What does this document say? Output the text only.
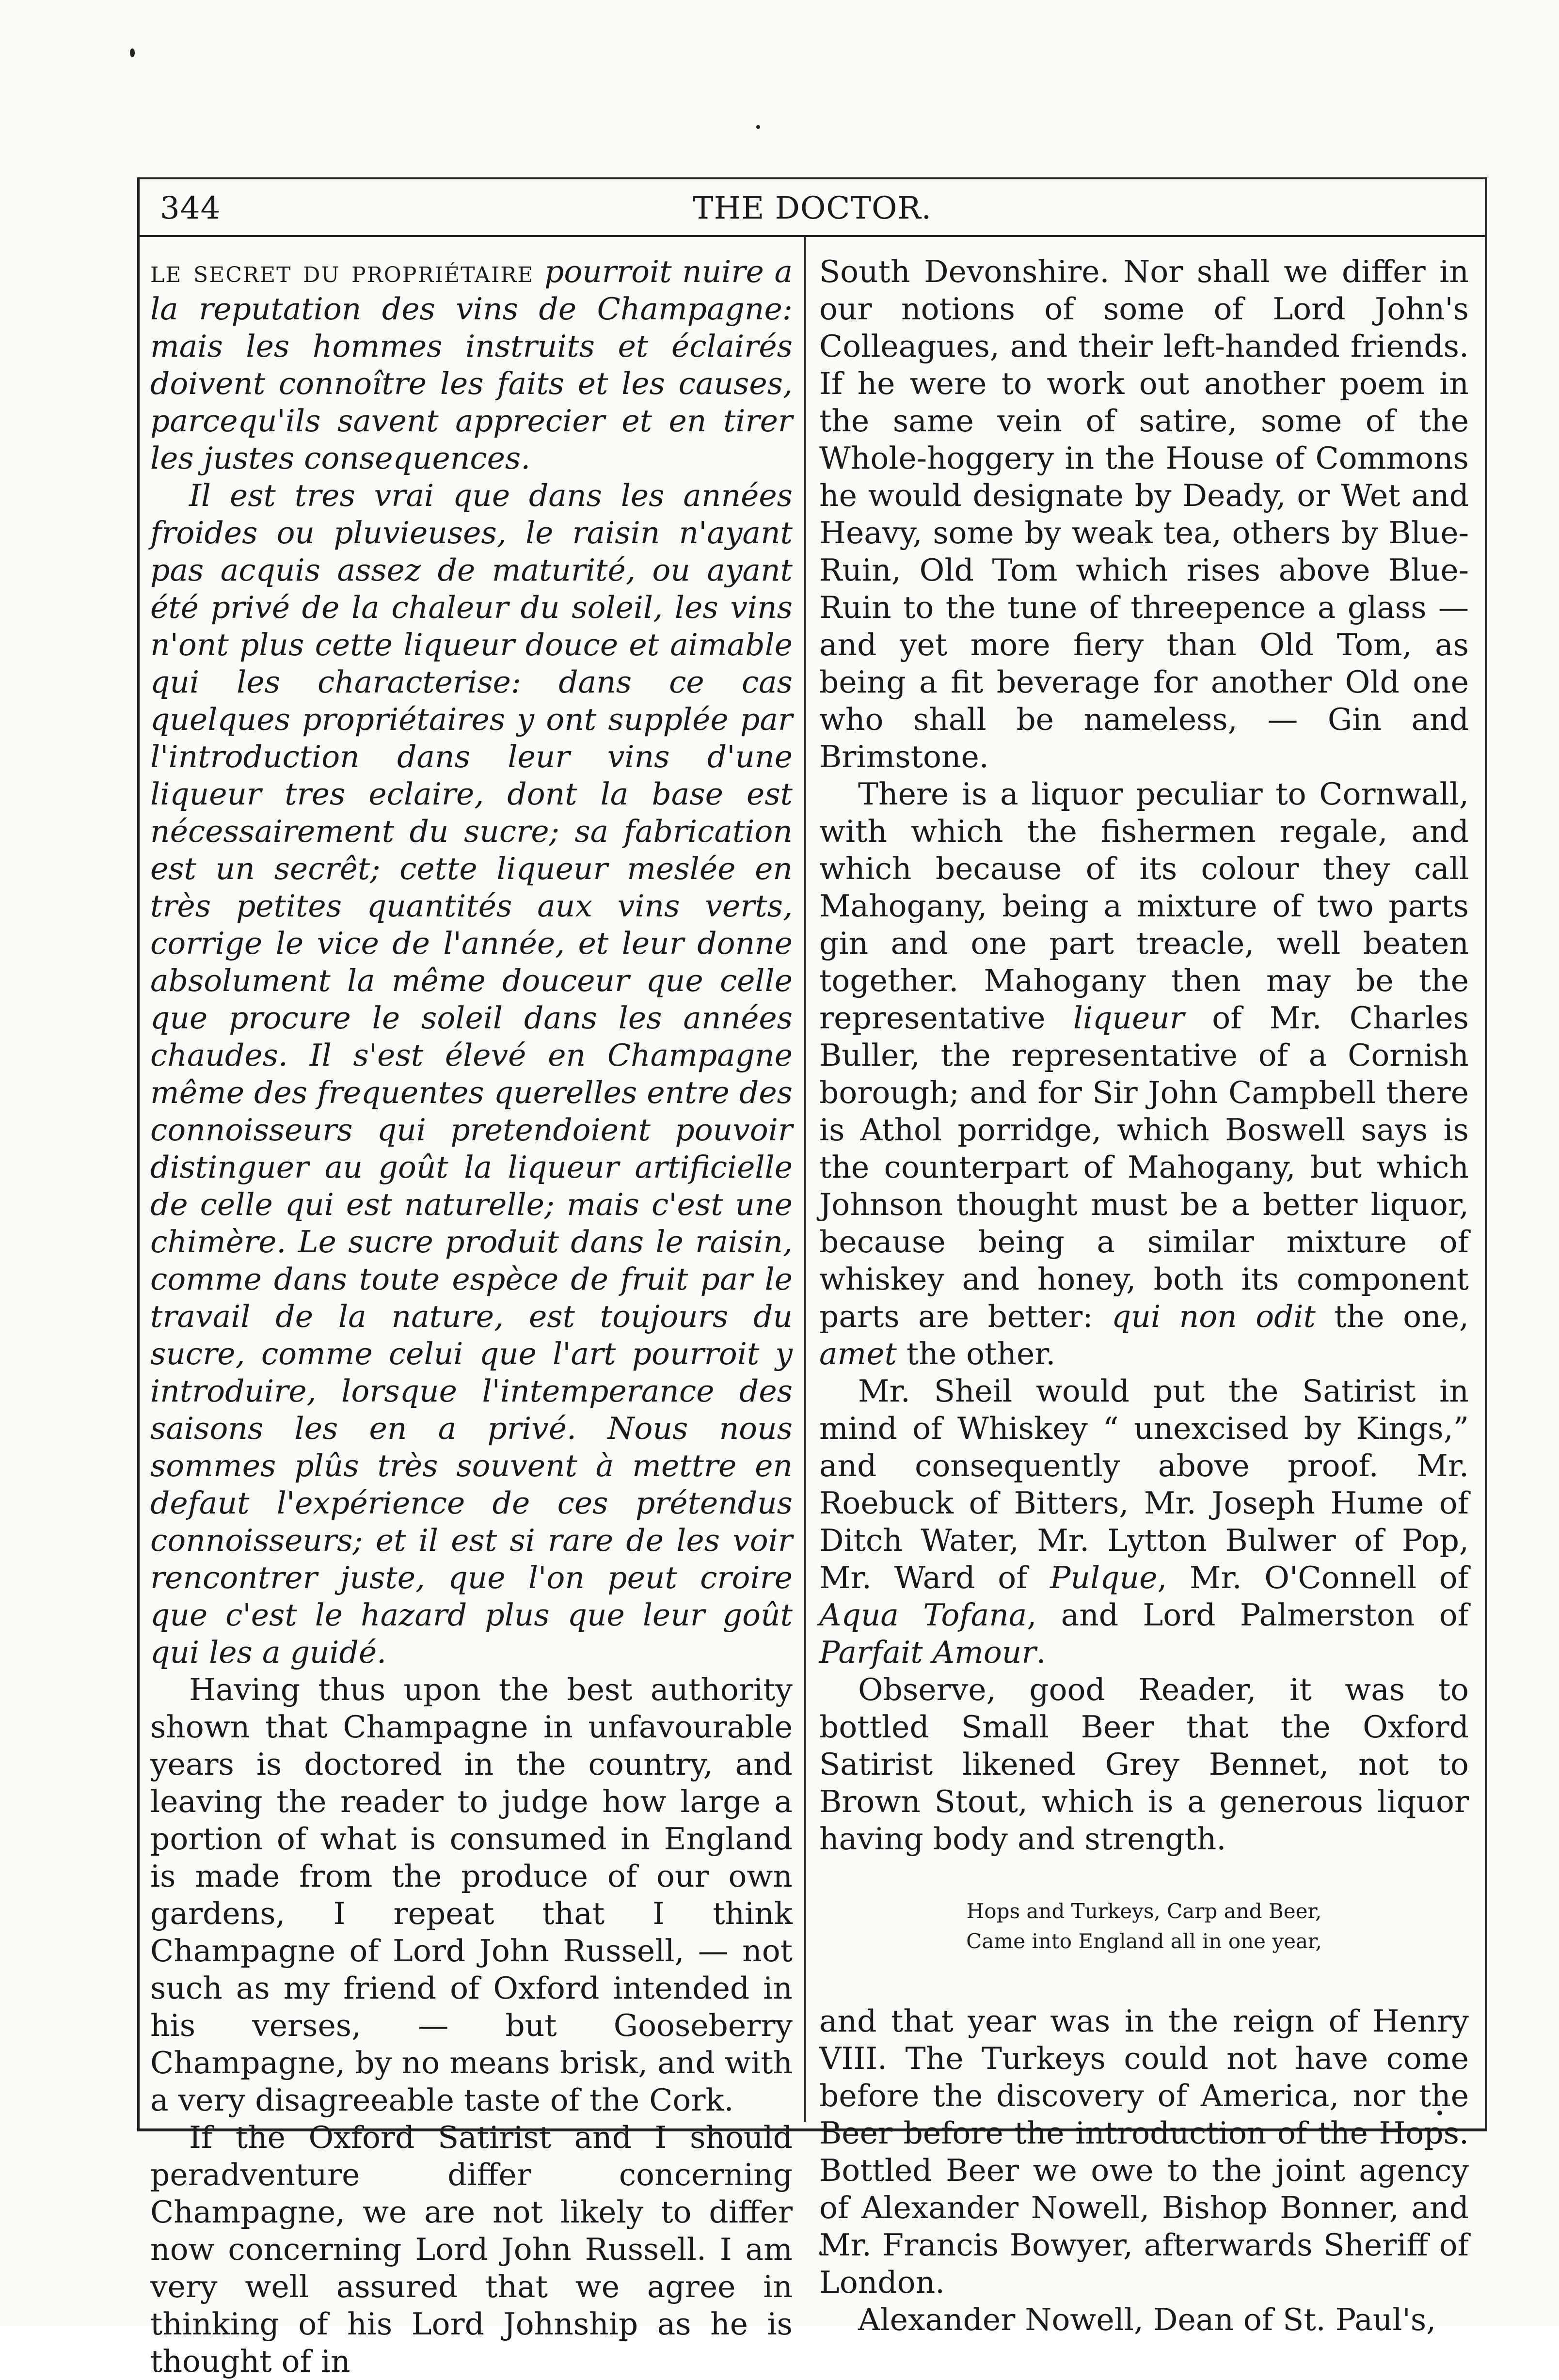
344	THE DOCTOR.

le secret du propriétaire pourroit nuire a la reputation des vins de Champagne: mais les hommes instruits et éclairés doivent connoître les faits et les causes, parcequ'ils savent apprecier et en tirer les justes consequences.

Il est tres vrai que dans les années froides ou pluvieuses, le raisin n'ayant pas acquis assez de maturité, ou ayant été privé de la chaleur du soleil, les vins n'ont plus cette liqueur douce et aimable qui les characterise: dans ce cas quelques propriétaires y ont supplée par l'introduction dans leur vins d'une liqueur tres eclaire, dont la base est nécessairement du sucre; sa fabrication est un secrêt; cette liqueur meslée en très petites quantités aux vins verts, corrige le vice de l'année, et leur donne absolument la même douceur que celle que procure le soleil dans les années chaudes. Il s'est élevé en Champagne même des frequentes querelles entre des connoisseurs qui pretendoient pouvoir distinguer au goût la liqueur artificielle de celle qui est naturelle; mais c'est une chimère. Le sucre produit dans le raisin, comme dans toute espèce de fruit par le travail de la nature, est toujours du sucre, comme celui que l'art pourroit y introduire, lorsque l'intemperance des saisons les en a privé. Nous nous sommes plûs très souvent à mettre en defaut l'expérience de ces prétendus connoisseurs; et il est si rare de les voir rencontrer juste, que l'on peut croire que c'est le hazard plus que leur goût qui les a guidé.

Having thus upon the best authority shown that Champagne in unfavourable years is doctored in the country, and leaving the reader to judge how large a portion of what is consumed in England is made from the produce of our own gardens, I repeat that I think Champagne of Lord John Russell, — not such as my friend of Oxford intended in his verses, — but Gooseberry Champagne, by no means brisk, and with a very disagreeable taste of the Cork.

If the Oxford Satirist and I should peradventure differ concerning Champagne, we are not likely to differ now concerning Lord John Russell. I am very well assured that we agree in thinking of his Lord Johnship as he is thought of in

South Devonshire. Nor shall we differ in our notions of some of Lord John's Colleagues, and their left-handed friends. If he were to work out another poem in the same vein of satire, some of the Whole-hoggery in the House of Commons he would designate by Deady, or Wet and Heavy, some by weak tea, others by Blue-Ruin, Old Tom which rises above Blue-Ruin to the tune of threepence a glass — and yet more fiery than Old Tom, as being a fit beverage for another Old one who shall be nameless, — Gin and Brimstone.

There is a liquor peculiar to Cornwall, with which the fishermen regale, and which because of its colour they call Mahogany, being a mixture of two parts gin and one part treacle, well beaten together. Mahogany then may be the representative liqueur of Mr. Charles Buller, the representative of a Cornish borough; and for Sir John Campbell there is Athol porridge, which Boswell says is the counterpart of Mahogany, but which Johnson thought must be a better liquor, because being a similar mixture of whiskey and honey, both its component parts are better: qui non odit the one, amet the other.

Mr. Sheil would put the Satirist in mind of Whiskey “ unexcised by Kings,” and consequently above proof. Mr. Roebuck of Bitters, Mr. Joseph Hume of Ditch Water, Mr. Lytton Bulwer of Pop, Mr. Ward of Pulque, Mr. O'Connell of Aqua Tofana, and Lord Palmerston of Parfait Amour.

Observe, good Reader, it was to bottled Small Beer that the Oxford Satirist likened Grey Bennet, not to Brown Stout, which is a generous liquor having body and strength.

Hops and Turkeys, Carp and Beer,
Came into England all in one year,

and that year was in the reign of Henry VIII. The Turkeys could not have come before the discovery of America, nor the Beer before the introduction of the Hops. Bottled Beer we owe to the joint agency of Alexander Nowell, Bishop Bonner, and Mr. Francis Bowyer, afterwards Sheriff of London.

Alexander Nowell, Dean of St. Paul's,
